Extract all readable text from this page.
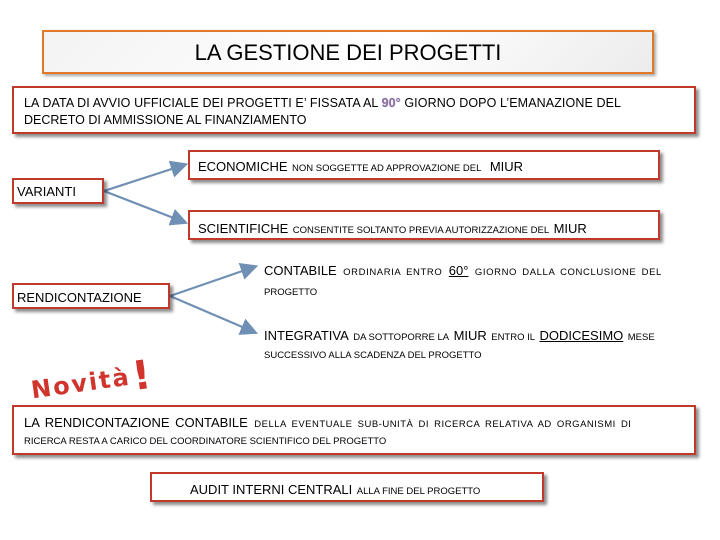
LA GESTIONE DEI PROGETTI
LA DATA DI AVVIO UFFICIALE DEI PROGETTI E’ FISSATA AL 90° GIORNO DOPO L’EMANAZIONE DEL
DECRETO DI AMMISSIONE AL FINANZIAMENTO
ECONOMICHE NON SOGGETTE AD APPROVAZIONE DEL MIUR
VARIANTI
SCIENTIFICHE CONSENTITE SOLTANTO PREVIA AUTORIZZAZIONE DEL MIUR
RENDICONTAZIONE
CONTABILE ORDINARIA ENTRO 60° GIORNO DALLA CONCLUSIONE DEL
PROGETTO
INTEGRATIVA DA SOTTOPORRE LA MIUR ENTRO IL DODICESIMO MESE
SUCCESSIVO ALLA SCADENZA DEL PROGETTO
Novità!
LA RENDICONTAZIONE CONTABILE DELLA EVENTUALE SUB-UNITÀ DI RICERCA RELATIVA AD ORGANISMI DI
RICERCA RESTA A CARICO DEL COORDINATORE SCIENTIFICO DEL PROGETTO
AUDIT INTERNI CENTRALI ALLA FINE DEL PROGETTO
